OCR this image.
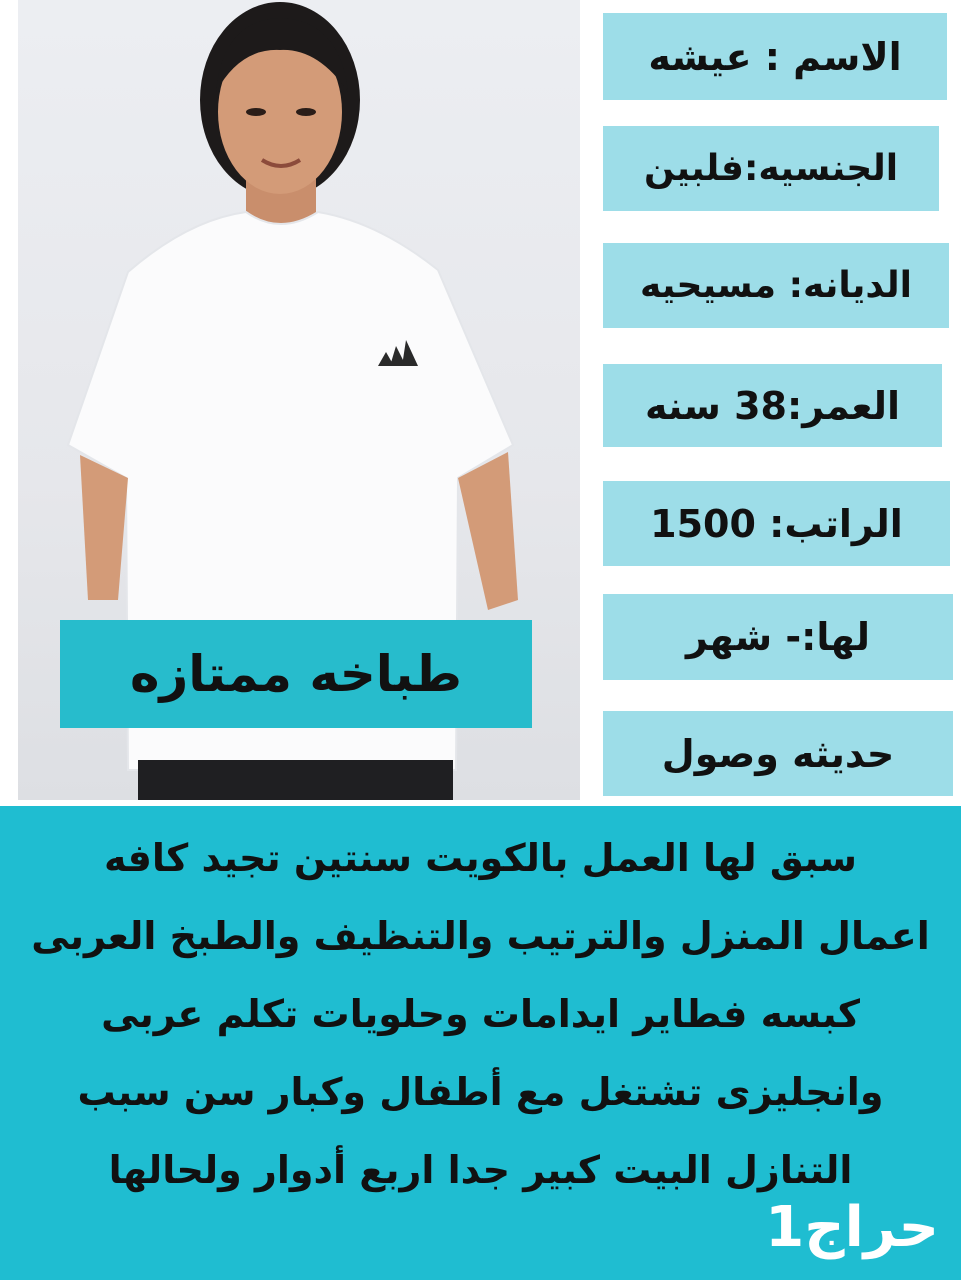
الاسم : عيشه
الجنسيه:فلبين
الديانه: مسيحيه
العمر:38 سنه
الراتب: 1500
لها:- شهر
حديثه وصول
طباخه ممتازه
سبق لها العمل بالكويت سنتين تجيد كافه
اعمال المنزل والترتيب والتنظيف والطبخ العربى
كبسه فطاير ايدامات وحلويات تكلم عربى
وانجليزى تشتغل مع أطفال وكبار سن سبب
التنازل البيت كبير جدا اربع أدوار ولحالها
حراج1
